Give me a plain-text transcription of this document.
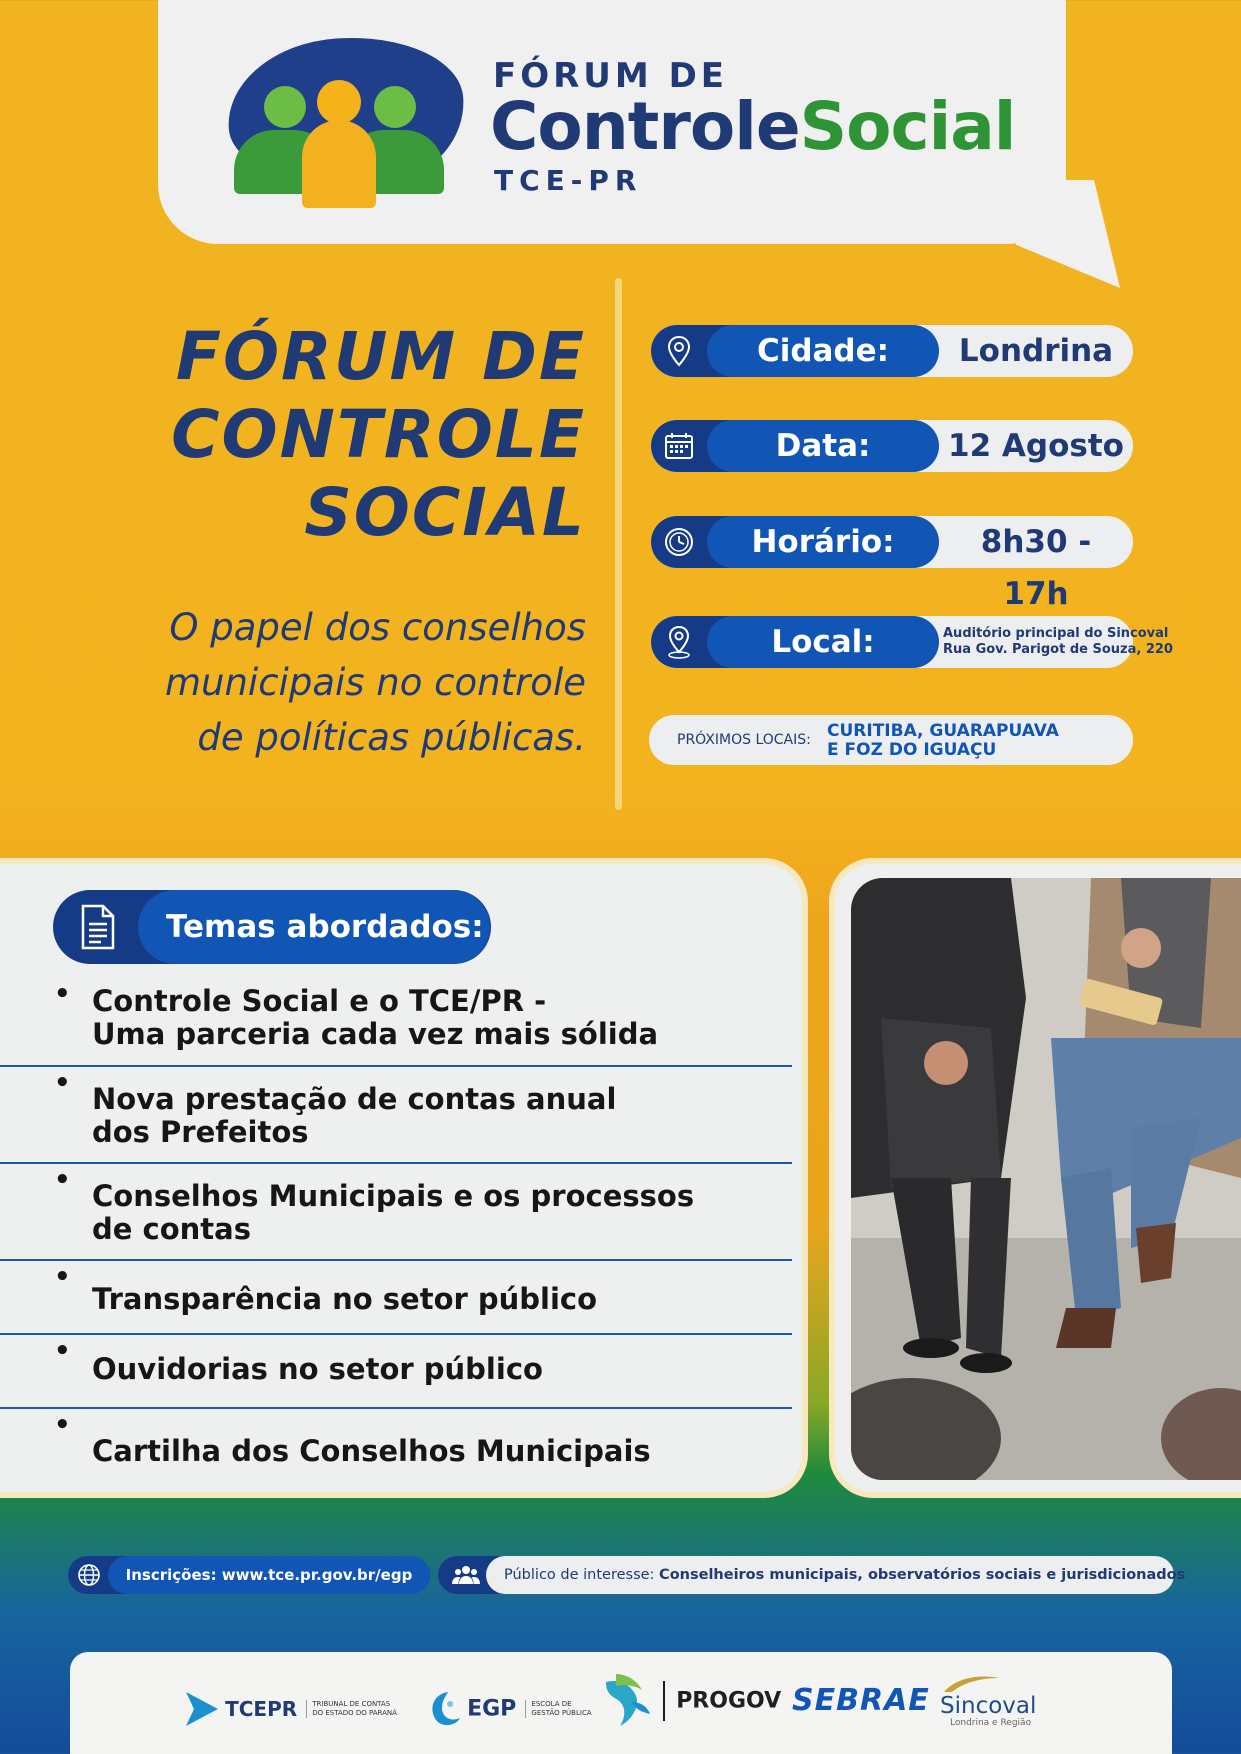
FÓRUM DE
ControleSocial
TCE-PR
FÓRUM DE
CONTROLE
SOCIAL
O papel dos conselhos
municipais no controle
de políticas públicas.
Cidade:	Londrina
Data:	12 Agosto
Horário:	8h30 - 17h
Local:	Auditório principal do Sincoval
Rua Gov. Parigot de Souza, 220
PRÓXIMOS LOCAIS: CURITIBA, GUARAPUAVA
E FOZ DO IGUAÇU
Temas abordados:
• Controle Social e o TCE/PR -
Uma parceria cada vez mais sólida
• Nova prestação de contas anual
dos Prefeitos
• Conselhos Municipais e os processos
de contas
• Transparência no setor público
• Ouvidorias no setor público
• Cartilha dos Conselhos Municipais
Inscrições: www.tce.pr.gov.br/egp	Público de interesse: Conselheiros municipais, observatórios sociais e jurisdicionados
TCEPR TRIBUNAL DE CONTAS
DO ESTADO DO PARANÁ	EGP ESCOLA DE
GESTÃO PÚBLICA	PROGOV SEBRAE Sincoval
Londrina e Região
